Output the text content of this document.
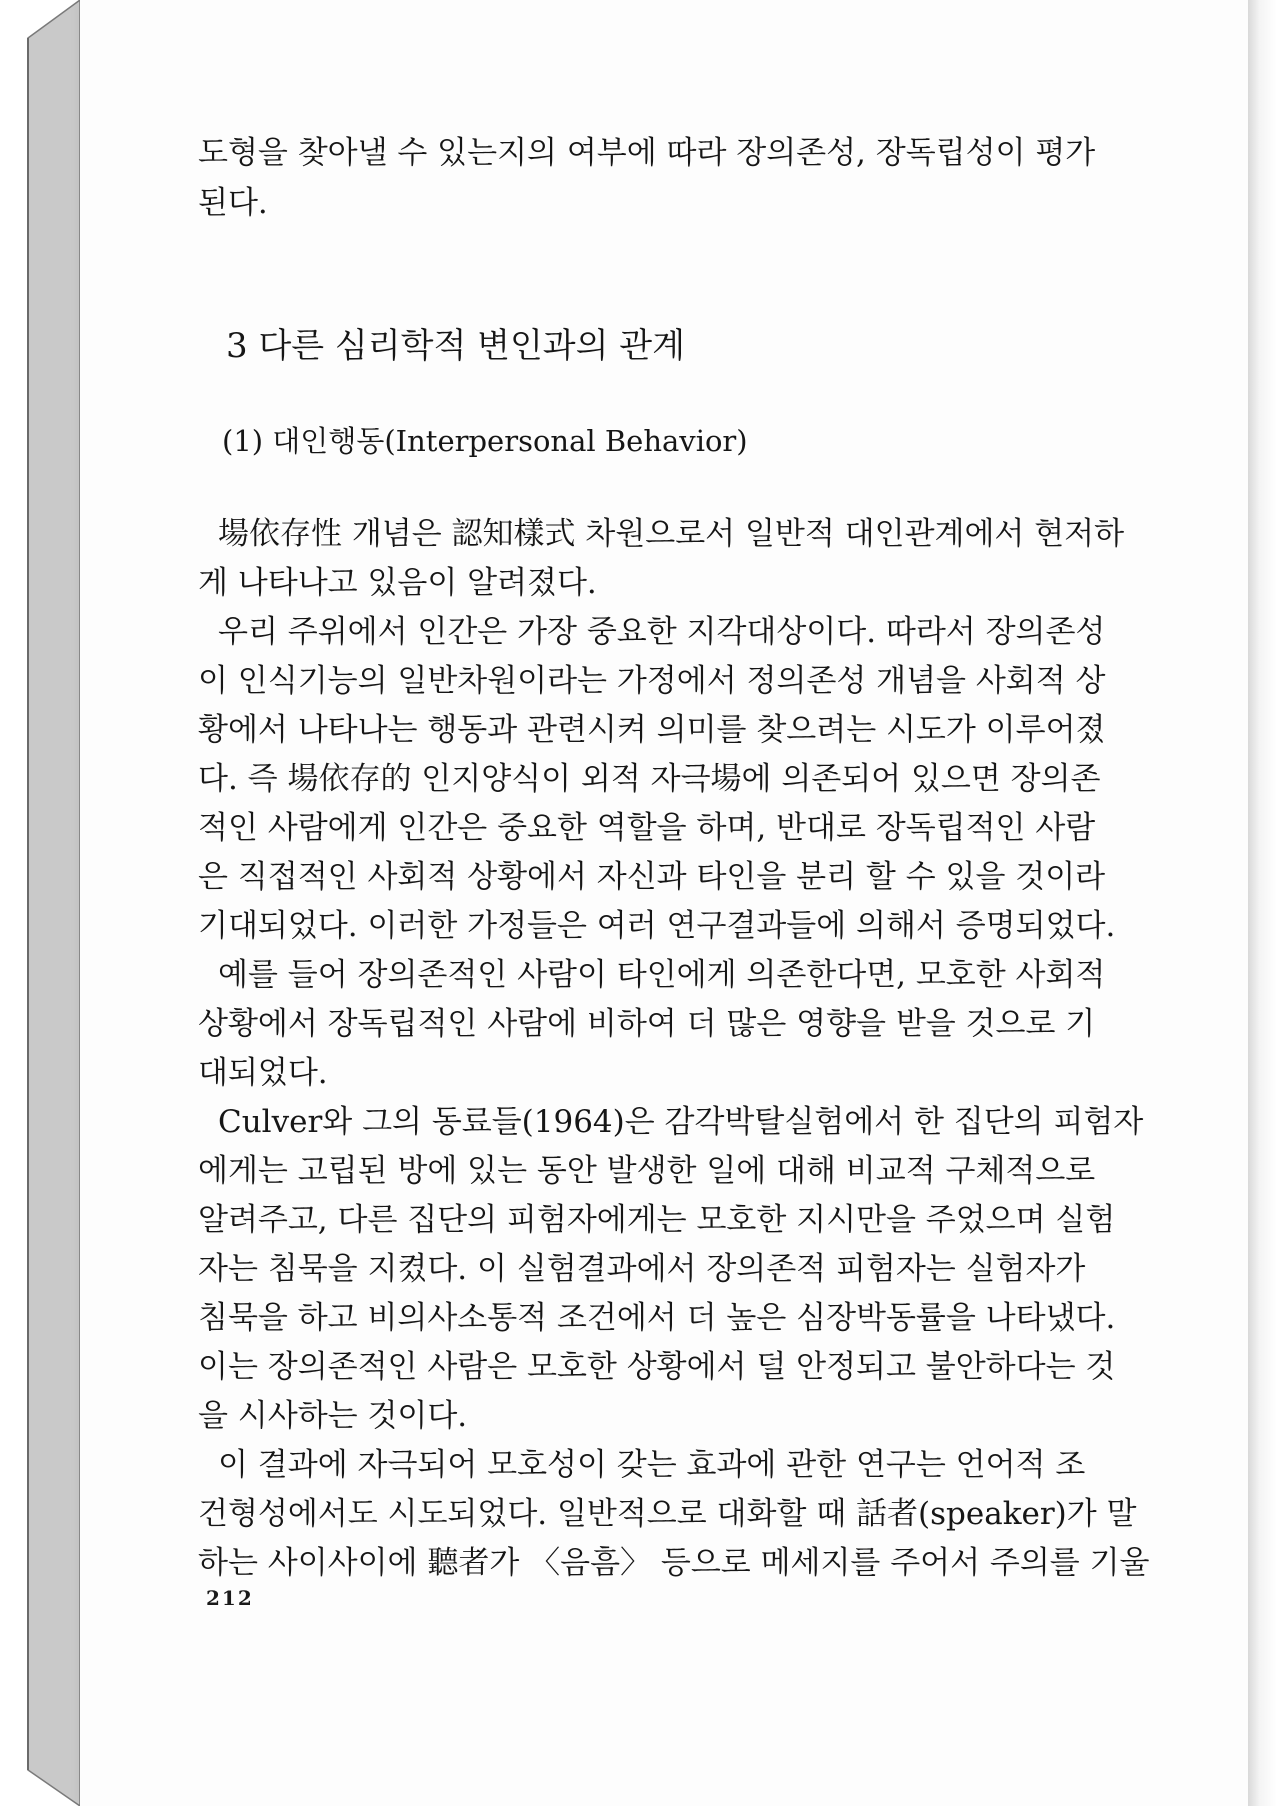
도형을 찾아낼 수 있는지의 여부에 따라 장의존성, 장독립성이 평가
된다.
3 다른 심리학적 변인과의 관계
(1) 대인행동(Interpersonal Behavior)
場依存性 개념은 認知樣式 차원으로서 일반적 대인관계에서 현저하
게 나타나고 있음이 알려졌다.
우리 주위에서 인간은 가장 중요한 지각대상이다. 따라서 장의존성
이 인식기능의 일반차원이라는 가정에서 정의존성 개념을 사회적 상
황에서 나타나는 행동과 관련시켜 의미를 찾으려는 시도가 이루어졌
다. 즉 場依存的 인지양식이 외적 자극場에 의존되어 있으면 장의존
적인 사람에게 인간은 중요한 역할을 하며, 반대로 장독립적인 사람
은 직접적인 사회적 상황에서 자신과 타인을 분리 할 수 있을 것이라
기대되었다. 이러한 가정들은 여러 연구결과들에 의해서 증명되었다.
예를 들어 장의존적인 사람이 타인에게 의존한다면, 모호한 사회적
상황에서 장독립적인 사람에 비하여 더 많은 영향을 받을 것으로 기
대되었다.
Culver와 그의 동료들(1964)은 감각박탈실험에서 한 집단의 피험자
에게는 고립된 방에 있는 동안 발생한 일에 대해 비교적 구체적으로
알려주고, 다른 집단의 피험자에게는 모호한 지시만을 주었으며 실험
자는 침묵을 지켰다. 이 실험결과에서 장의존적 피험자는 실험자가
침묵을 하고 비의사소통적 조건에서 더 높은 심장박동률을 나타냈다.
이는 장의존적인 사람은 모호한 상황에서 덜 안정되고 불안하다는 것
을 시사하는 것이다.
이 결과에 자극되어 모호성이 갖는 효과에 관한 연구는 언어적 조
건형성에서도 시도되었다. 일반적으로 대화할 때 話者(speaker)가 말
하는 사이사이에 聽者가 〈음흠〉 등으로 메세지를 주어서 주의를 기울
212
